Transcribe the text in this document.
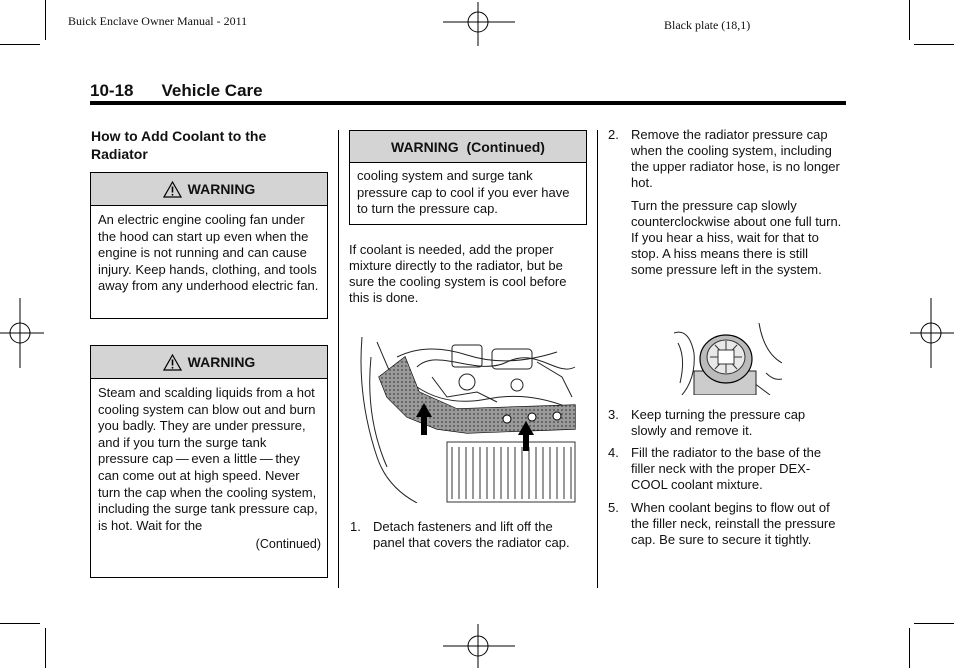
Buick Enclave Owner Manual - 2011	Black plate (18,1)
10-18 Vehicle Care
How to Add Coolant to the Radiator
WARNING
An electric engine cooling fan under the hood can start up even when the engine is not running and can cause injury. Keep hands, clothing, and tools away from any underhood electric fan.
WARNING
Steam and scalding liquids from a hot cooling system can blow out and burn you badly. They are under pressure, and if you turn the surge tank pressure cap — even a little — they can come out at high speed. Never turn the cap when the cooling system, including the surge tank pressure cap, is hot. Wait for the
(Continued)
WARNING  (Continued)
cooling system and surge tank pressure cap to cool if you ever have to turn the pressure cap.
If coolant is needed, add the proper mixture directly to the radiator, but be sure the cooling system is cool before this is done.
1. Detach fasteners and lift off the panel that covers the radiator cap.
2. Remove the radiator pressure cap when the cooling system, including the upper radiator hose, is no longer hot.
Turn the pressure cap slowly counterclockwise about one full turn. If you hear a hiss, wait for that to stop. A hiss means there is still some pressure left in the system.
3. Keep turning the pressure cap slowly and remove it.
4. Fill the radiator to the base of the filler neck with the proper DEX-COOL coolant mixture.
5. When coolant begins to flow out of the filler neck, reinstall the pressure cap. Be sure to secure it tightly.
